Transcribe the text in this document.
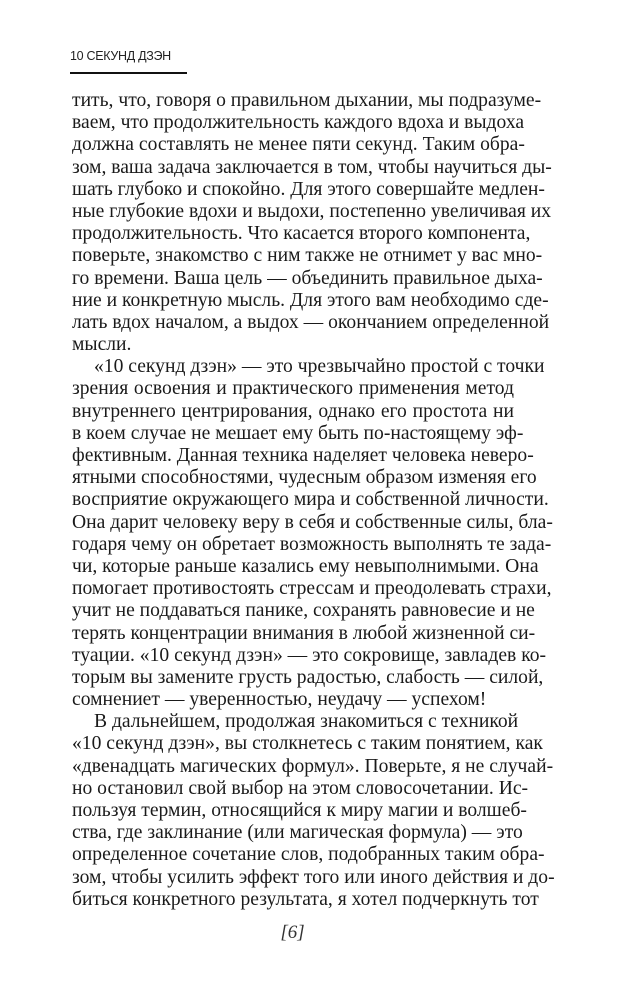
10 СЕКУНД ДЗЭН
тить, что, говоря о правильном дыхании, мы подразуме-
ваем, что продолжительность каждого вдоха и выдоха
должна составлять не менее пяти секунд. Таким обра-
зом, ваша задача заключается в том, чтобы научиться ды-
шать глубоко и спокойно. Для этого совершайте медлен-
ные глубокие вдохи и выдохи, постепенно увеличивая их
продолжительность. Что касается второго компонента,
поверьте, знакомство с ним также не отнимет у вас мно-
го времени. Ваша цель — объединить правильное дыха-
ние и конкретную мысль. Для этого вам необходимо сде-
лать вдох началом, а выдох — окончанием определенной
мысли.
«10 секунд дзэн» — это чрезвычайно простой с точки
зрения освоения и практического применения метод
внутреннего центрирования, однако его простота ни
в коем случае не мешает ему быть по-настоящему эф-
фективным. Данная техника наделяет человека неверо-
ятными способностями, чудесным образом изменяя его
восприятие окружающего мира и собственной личности.
Она дарит человеку веру в себя и собственные силы, бла-
годаря чему он обретает возможность выполнять те зада-
чи, которые раньше казались ему невыполнимыми. Она
помогает противостоять стрессам и преодолевать страхи,
учит не поддаваться панике, сохранять равновесие и не
терять концентрации внимания в любой жизненной си-
туации. «10 секунд дзэн» — это сокровище, завладев ко-
торым вы замените грусть радостью, слабость — силой,
сомнениет — уверенностью, неудачу — успехом!
В дальнейшем, продолжая знакомиться с техникой
«10 секунд дзэн», вы столкнетесь с таким понятием, как
«двенадцать магических формул». Поверьте, я не случай-
но остановил свой выбор на этом словосочетании. Ис-
пользуя термин, относящийся к миру магии и волшеб-
ства, где заклинание (или магическая формула) — это
определенное сочетание слов, подобранных таким обра-
зом, чтобы усилить эффект того или иного действия и до-
биться конкретного результата, я хотел подчеркнуть тот
[6]
